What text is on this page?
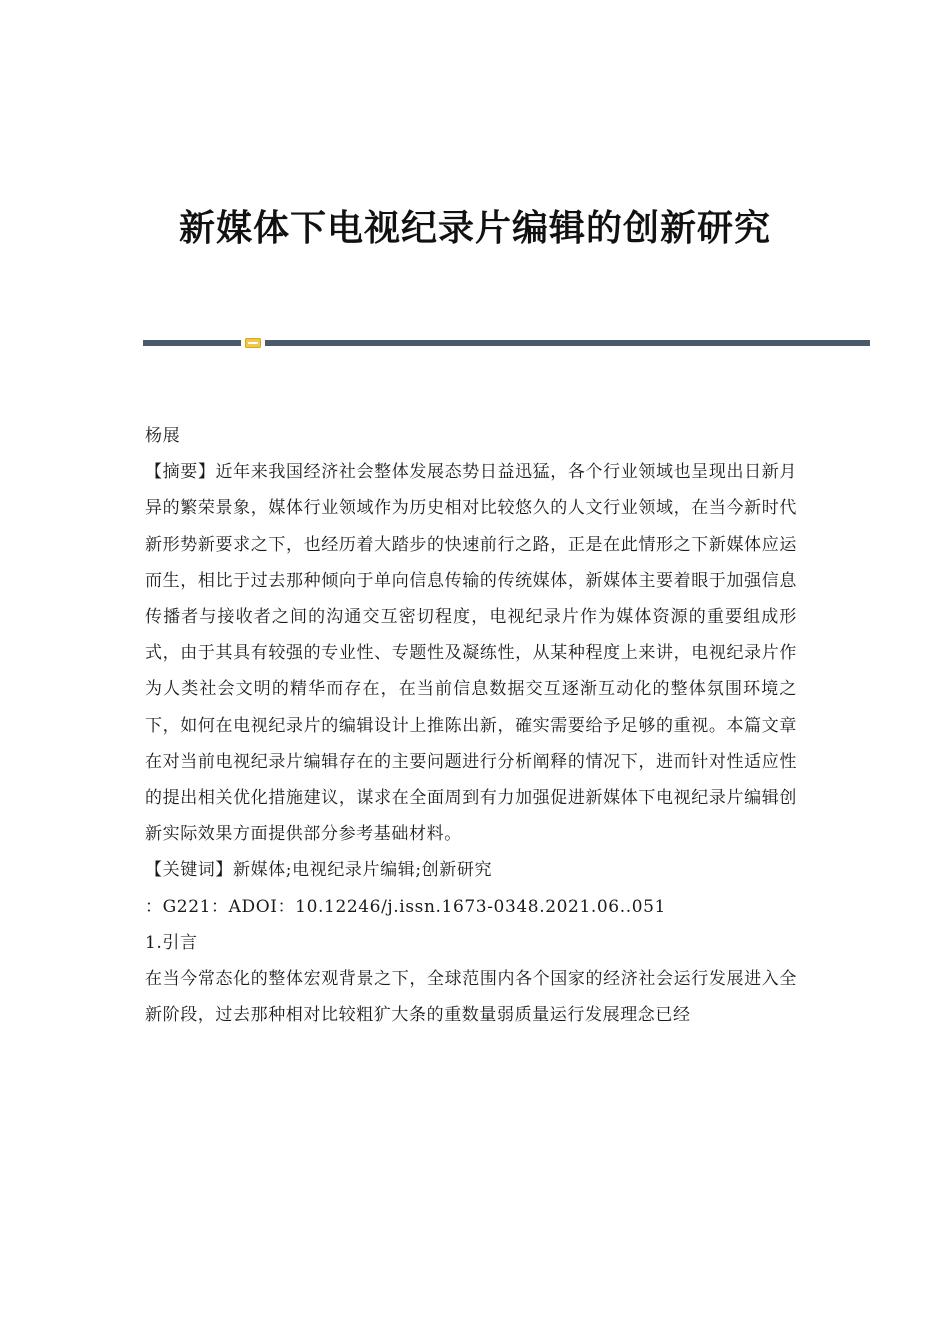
新媒体下电视纪录片编辑的创新研究

杨展

【摘要】近年来我国经济社会整体发展态势日益迅猛，各个行业领域也呈现出日新月异的繁荣景象，媒体行业领域作为历史相对比较悠久的人文行业领域，在当今新时代新形势新要求之下，也经历着大踏步的快速前行之路，正是在此情形之下新媒体应运而生，相比于过去那种倾向于单向信息传输的传统媒体，新媒体主要着眼于加强信息传播者与接收者之间的沟通交互密切程度，电视纪录片作为媒体资源的重要组成形式，由于其具有较强的专业性、专题性及凝练性，从某种程度上来讲，电视纪录片作为人类社会文明的精华而存在，在当前信息数据交互逐渐互动化的整体氛围环境之下，如何在电视纪录片的编辑设计上推陈出新，確实需要给予足够的重视。本篇文章在对当前电视纪录片编辑存在的主要问题进行分析阐释的情况下，进而针对性适应性的提出相关优化措施建议，谋求在全面周到有力加强促进新媒体下电视纪录片编辑创新实际效果方面提供部分参考基础材料。

【关键词】新媒体;电视纪录片编辑;创新研究

：G221：ADOI：10.12246/j.issn.1673-0348.2021.06..051

1.引言

在当今常态化的整体宏观背景之下，全球范围内各个国家的经济社会运行发展进入全新阶段，过去那种相对比较粗犷大条的重数量弱质量运行发展理念已经
